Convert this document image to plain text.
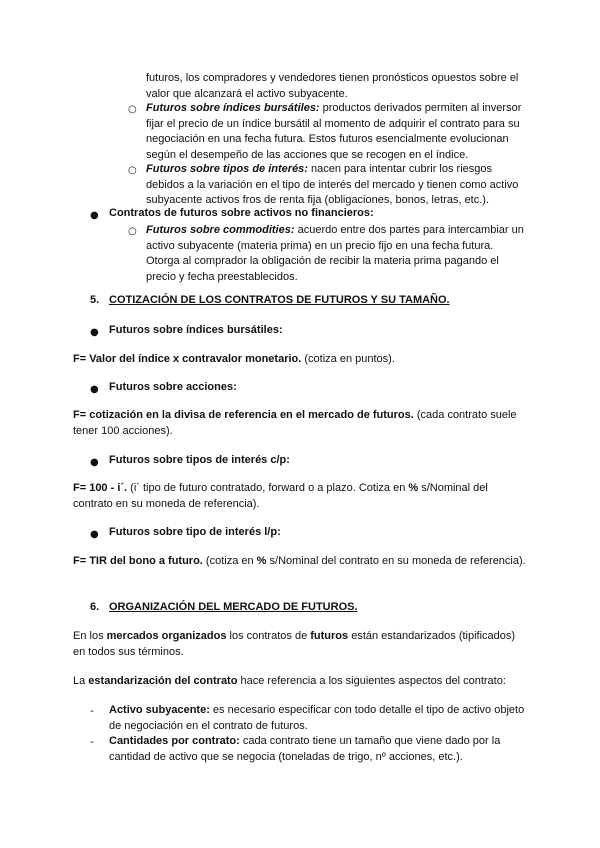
futuros, los compradores y vendedores tienen pronósticos opuestos sobre el valor que alcanzará el activo subyacente.
○ Futuros sobre índices bursátiles: productos derivados permiten al inversor fijar el precio de un índice bursátil al momento de adquirir el contrato para su negociación en una fecha futura. Estos futuros esencialmente evolucionan según el desempeño de las acciones que se recogen en el índice.
○ Futuros sobre tipos de interés: nacen para intentar cubrir los riesgos debidos a la variación en el tipo de interés del mercado y tienen como activo subyacente activos fros de renta fija (obligaciones, bonos, letras, etc.).
● Contratos de futuros sobre activos no financieros:
○ Futuros sobre commodities: acuerdo entre dos partes para intercambiar un activo subyacente (materia prima) en un precio fijo en una fecha futura. Otorga al comprador la obligación de recibir la materia prima pagando el precio y fecha preestablecidos.
5. COTIZACIÓN DE LOS CONTRATOS DE FUTUROS Y SU TAMAÑO.
● Futuros sobre índices bursátiles:
F= Valor del índice x contravalor monetario. (cotiza en puntos).
● Futuros sobre acciones:
F= cotización en la divisa de referencia en el mercado de futuros. (cada contrato suele tener 100 acciones).
● Futuros sobre tipos de interés c/p:
F= 100 - i´. (i´ tipo de futuro contratado, forward o a plazo. Cotiza en % s/Nominal del contrato en su moneda de referencia).
● Futuros sobre tipo de interés l/p:
F= TIR del bono a futuro. (cotiza en % s/Nominal del contrato en su moneda de referencia).
6. ORGANIZACIÓN DEL MERCADO DE FUTUROS.
En los mercados organizados los contratos de futuros están estandarizados (tipificados) en todos sus términos.
La estandarización del contrato hace referencia a los siguientes aspectos del contrato:
- Activo subyacente: es necesario especificar con todo detalle el tipo de activo objeto de negociación en el contrato de futuros.
- Cantidades por contrato: cada contrato tiene un tamaño que viene dado por la cantidad de activo que se negocia (toneladas de trigo, nº acciones, etc.).
